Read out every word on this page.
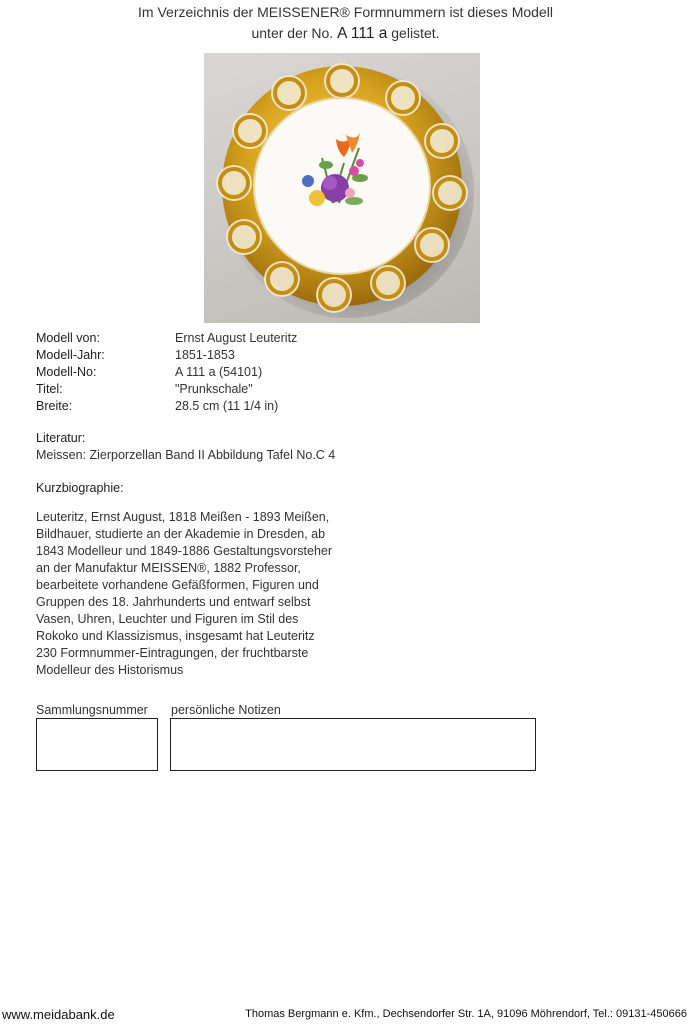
Im Verzeichnis der MEISSENER® Formnummern ist dieses Modell
unter der No. A 111 a gelistet.
Modell von:	Ernst August Leuteritz
Modell-Jahr:	1851-1853
Modell-No:	A 111 a (54101)
Titel:	"Prunkschale"
Breite:	28.5 cm (11 1/4 in)
Literatur:
Meissen: Zierporzellan Band II Abbildung Tafel No.C 4
Kurzbiographie:
Leuteritz, Ernst August, 1818 Meißen - 1893 Meißen,
Bildhauer, studierte an der Akademie in Dresden, ab
1843 Modelleur und 1849-1886 Gestaltungsvorsteher
an der Manufaktur MEISSEN®, 1882 Professor,
bearbeitete vorhandene Gefäßformen, Figuren und
Gruppen des 18. Jahrhunderts und entwarf selbst
Vasen, Uhren, Leuchter und Figuren im Stil des
Rokoko und Klassizismus, insgesamt hat Leuteritz
230 Formnummer-Eintragungen, der fruchtbarste
Modelleur des Historismus
Sammlungsnummer persönliche Notizen
www.meidabank.de	Thomas Bergmann e. Kfm., Dechsendorfer Str. 1A, 91096 Möhrendorf, Tel.: 09131-450666
